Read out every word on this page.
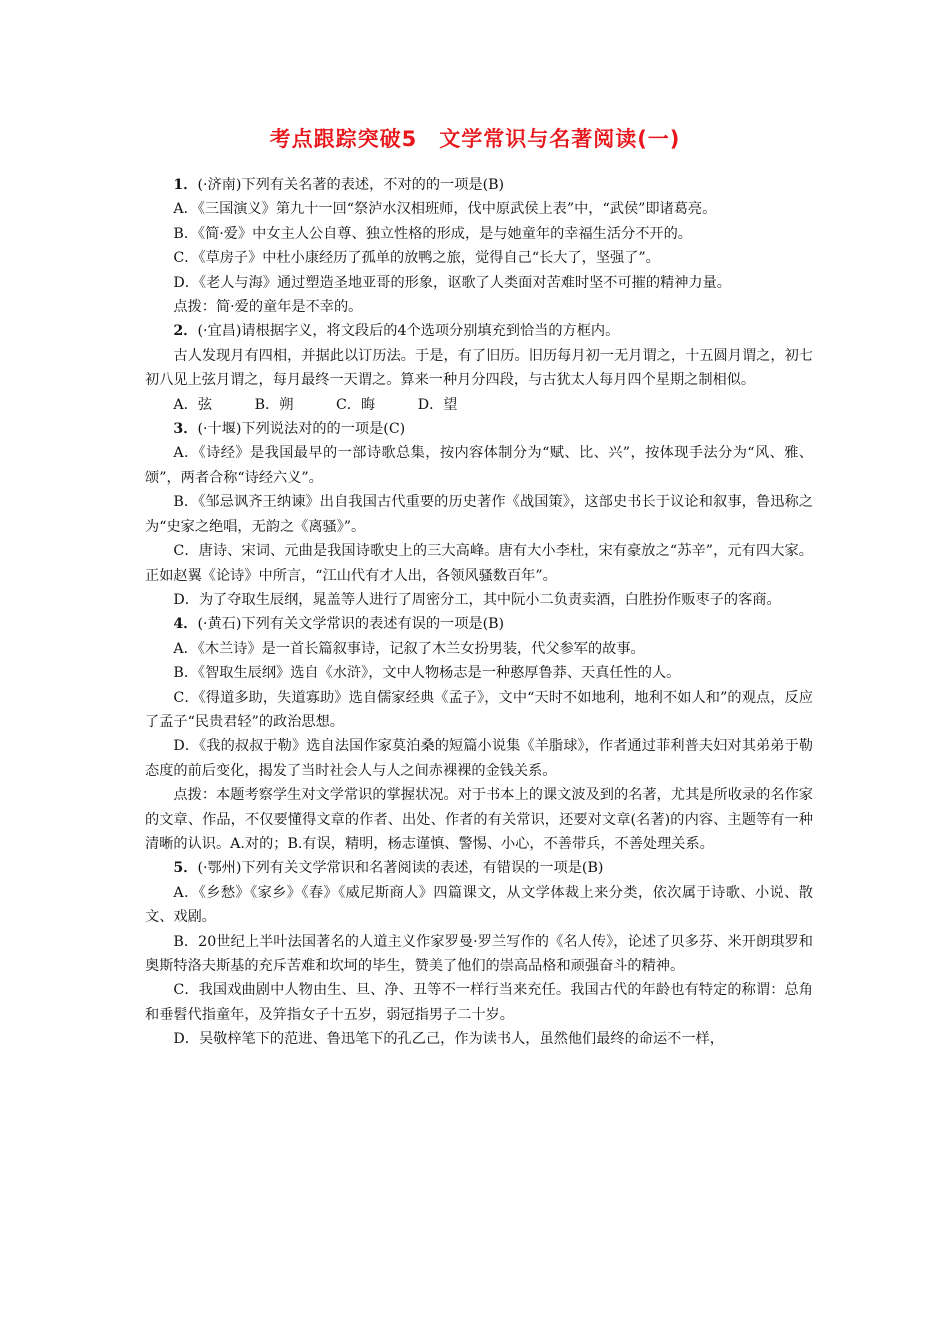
考点跟踪突破5　文学常识与名著阅读(一)

1．(·济南)下列有关名著的表述，不对的的一项是(B)

A．《三国演义》第九十一回“祭泸水汉相班师，伐中原武侯上表”中，“武侯”即诸葛亮。

B．《简·爱》中女主人公自尊、独立性格的形成，是与她童年的幸福生活分不开的。

C．《草房子》中杜小康经历了孤单的放鸭之旅，觉得自己“长大了，坚强了”。

D．《老人与海》通过塑造圣地亚哥的形象，讴歌了人类面对苦难时坚不可摧的精神力量。

点拨：简·爱的童年是不幸的。

2．(·宜昌)请根据字义，将文段后的4个选项分别填充到恰当的方框内。

古人发现月有四相，并据此以订历法。于是，有了旧历。旧历每月初一无月谓之，十五圆月谓之，初七初八见上弦月谓之，每月最终一天谓之。算来一种月分四段，与古犹太人每月四个星期之制相似。

A．弦　　　B．朔　　　C．晦　　　D．望

3．(·十堰)下列说法对的的一项是(C)

A．《诗经》是我国最早的一部诗歌总集，按内容体制分为“赋、比、兴”，按体现手法分为“风、雅、颂”，两者合称“诗经六义”。

B．《邹忌讽齐王纳谏》出自我国古代重要的历史著作《战国策》，这部史书长于议论和叙事，鲁迅称之为“史家之绝唱，无韵之《离骚》”。

C．唐诗、宋词、元曲是我国诗歌史上的三大高峰。唐有大小李杜，宋有豪放之“苏辛”，元有四大家。正如赵翼《论诗》中所言，“江山代有才人出，各领风骚数百年”。

D．为了夺取生辰纲，晁盖等人进行了周密分工，其中阮小二负责卖酒，白胜扮作贩枣子的客商。

4．(·黄石)下列有关文学常识的表述有误的一项是(B)

A．《木兰诗》是一首长篇叙事诗，记叙了木兰女扮男装，代父参军的故事。

B．《智取生辰纲》选自《水浒》，文中人物杨志是一种憨厚鲁莽、天真任性的人。

C．《得道多助，失道寡助》选自儒家经典《孟子》，文中“天时不如地利，地利不如人和”的观点，反应了孟子“民贵君轻”的政治思想。

D．《我的叔叔于勒》选自法国作家莫泊桑的短篇小说集《羊脂球》，作者通过菲利普夫妇对其弟弟于勒态度的前后变化，揭发了当时社会人与人之间赤裸裸的金钱关系。

点拨：本题考察学生对文学常识的掌握状况。对于书本上的课文波及到的名著，尤其是所收录的名作家的文章、作品，不仅要懂得文章的作者、出处、作者的有关常识，还要对文章(名著)的内容、主题等有一种清晰的认识。A.对的；B.有误，精明，杨志谨慎、警惕、小心，不善带兵，不善处理关系。

5．(·鄂州)下列有关文学常识和名著阅读的表述，有错误的一项是(B)

A．《乡愁》《家乡》《春》《威尼斯商人》四篇课文，从文学体裁上来分类，依次属于诗歌、小说、散文、戏剧。

B．20世纪上半叶法国著名的人道主义作家罗曼·罗兰写作的《名人传》，论述了贝多芬、米开朗琪罗和奥斯特洛夫斯基的充斥苦难和坎坷的毕生，赞美了他们的崇高品格和顽强奋斗的精神。

C．我国戏曲剧中人物由生、旦、净、丑等不一样行当来充任。我国古代的年龄也有特定的称谓：总角和垂髫代指童年，及笄指女子十五岁，弱冠指男子二十岁。

D．吴敬梓笔下的范进、鲁迅笔下的孔乙己，作为读书人，虽然他们最终的命运不一样，
